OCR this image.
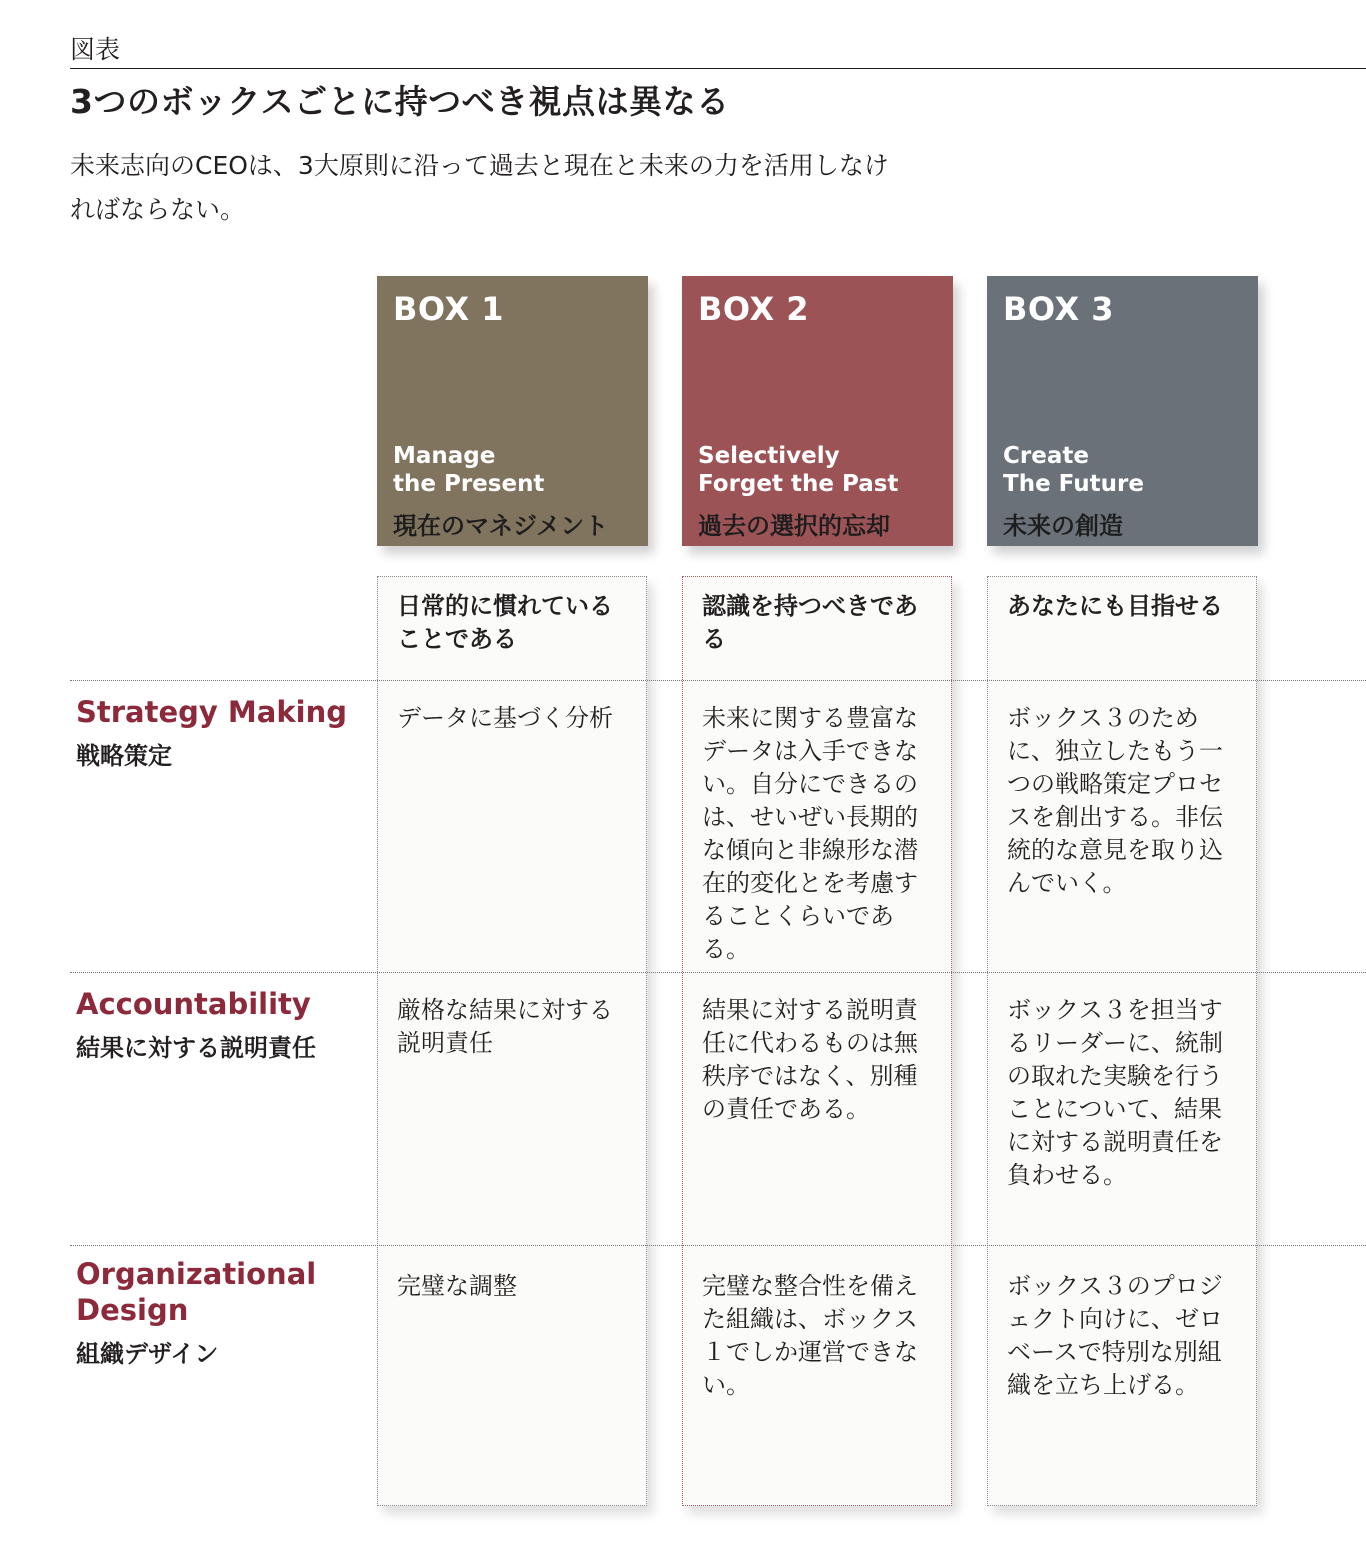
図表
3つのボックスごとに持つべき視点は異なる
未来志向のCEOは、3大原則に沿って過去と現在と未来の力を活用しなければならない。
BOX 1
Manage
the Present
現在のマネジメント
BOX 2
Selectively
Forget the Past
過去の選択的忘却
BOX 3
Create
The Future
未来の創造
日常的に慣れていることである
認識を持つべきである
あなたにも目指せる
Strategy Making
戦略策定
データに基づく分析	未来に関する豊富なデータは入手できない。自分にできるのは、せいぜい長期的な傾向と非線形な潜在的変化とを考慮することくらいである。
ボックス３のために、独立したもう一つの戦略策定プロセスを創出する。非伝統的な意見を取り込んでいく。
Accountability
結果に対する説明責任
厳格な結果に対する説明責任
結果に対する説明責任に代わるものは無秩序ではなく、別種の責任である。
ボックス３を担当するリーダーに、統制の取れた実験を行うことについて、結果に対する説明責任を負わせる。
Organizational
Design
組織デザイン
完璧な調整	完璧な整合性を備えた組織は、ボックス１でしか運営できない。
ボックス３のプロジェクト向けに、ゼロベースで特別な別組織を立ち上げる。
